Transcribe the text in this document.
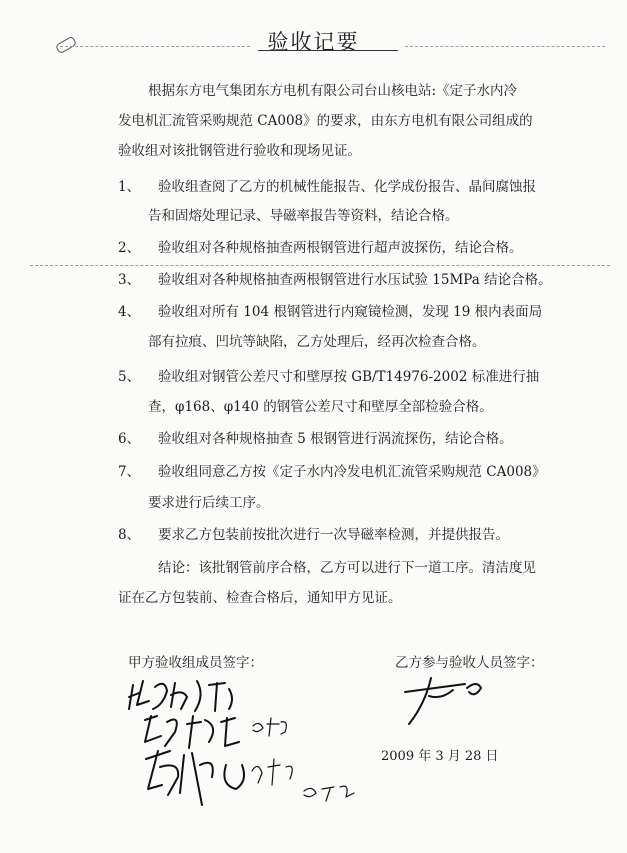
验收记要
根据东方电气集团东方电机有限公司台山核电站:《定子水内冷
发电机汇流管采购规范 CA008》的要求，由东方电机有限公司组成的
验收组对该批钢管进行验收和现场见证。
1、 验收组查阅了乙方的机械性能报告、化学成份报告、晶间腐蚀报
告和固熔处理记录、导磁率报告等资料，结论合格。
2、 验收组对各种规格抽查两根钢管进行超声波探伤，结论合格。
3、 验收组对各种规格抽查两根钢管进行水压试验 15MPa 结论合格。
4、 验收组对所有 104 根钢管进行内窥镜检测，发现 19 根内表面局
部有拉痕、凹坑等缺陷，乙方处理后，经再次检查合格。
5、 验收组对钢管公差尺寸和壁厚按 GB/T14976-2002 标准进行抽
查，φ168、φ140 的钢管公差尺寸和壁厚全部检验合格。
6、 验收组对各种规格抽查 5 根钢管进行涡流探伤，结论合格。
7、 验收组同意乙方按《定子水内冷发电机汇流管采购规范 CA008》
要求进行后续工序。
8、 要求乙方包装前按批次进行一次导磁率检测，并提供报告。
结论：该批钢管前序合格，乙方可以进行下一道工序。清洁度见
证在乙方包装前、检查合格后，通知甲方见证。
甲方验收组成员签字：	乙方参与验收人员签字：
2009 年 3 月 28 日
